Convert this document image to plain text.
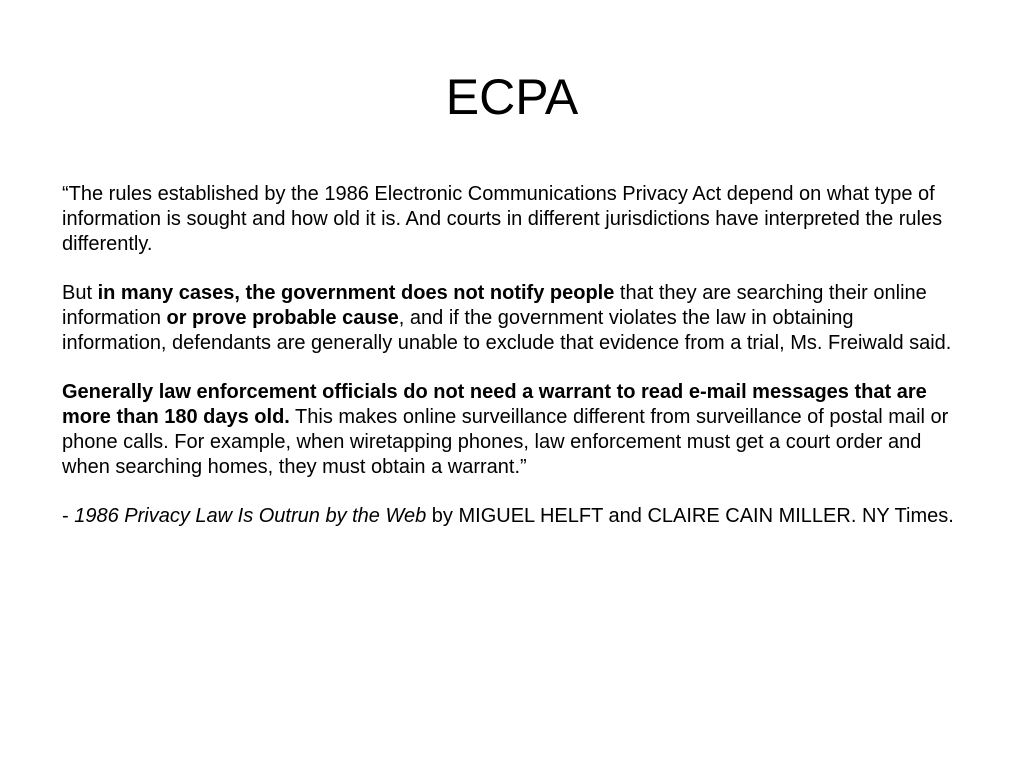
ECPA

“The rules established by the 1986 Electronic Communications Privacy Act depend on what type of information is sought and how old it is. And courts in different jurisdictions have interpreted the rules differently.

But in many cases, the government does not notify people that they are searching their online information or prove probable cause, and if the government violates the law in obtaining information, defendants are generally unable to exclude that evidence from a trial, Ms. Freiwald said.

Generally law enforcement officials do not need a warrant to read e-mail messages that are more than 180 days old. This makes online surveillance different from surveillance of postal mail or phone calls. For example, when wiretapping phones, law enforcement must get a court order and when searching homes, they must obtain a warrant.”

- 1986 Privacy Law Is Outrun by the Web by MIGUEL HELFT and CLAIRE CAIN MILLER. NY Times.
